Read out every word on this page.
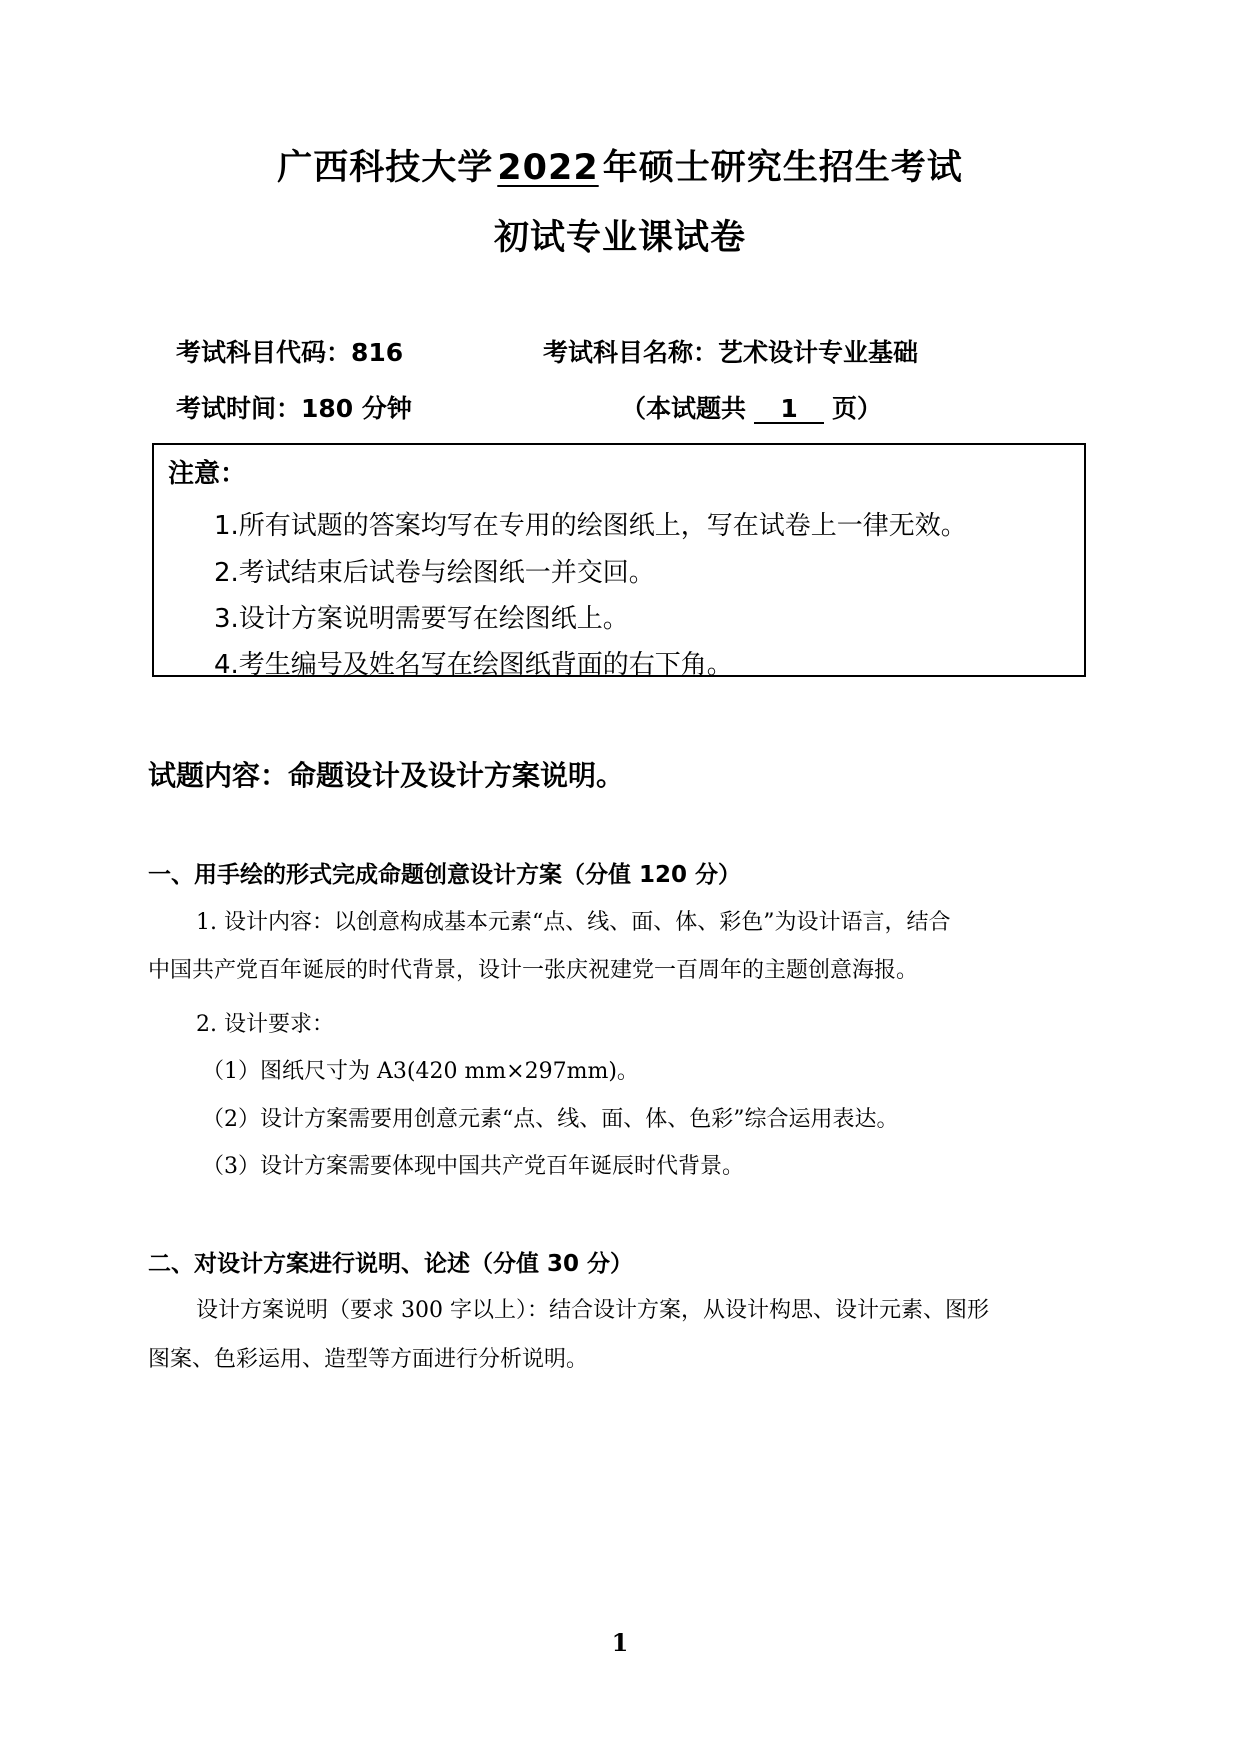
广西科技大学 2022 年硕士研究生招生考试
初试专业课试卷
考试科目代码：816	考试科目名称：艺术设计专业基础
考试时间：180 分钟	（本试题共 1 页）
注意：
1.所有试题的答案均写在专用的绘图纸上，写在试卷上一律无效。
2.考试结束后试卷与绘图纸一并交回。
3.设计方案说明需要写在绘图纸上。
4.考生编号及姓名写在绘图纸背面的右下角。
试题内容：命题设计及设计方案说明。
一、用手绘的形式完成命题创意设计方案（分值 120 分）
1. 设计内容：以创意构成基本元素“点、线、面、体、彩色”为设计语言，结合
中国共产党百年诞辰的时代背景，设计一张庆祝建党一百周年的主题创意海报。
2. 设计要求：
（1）图纸尺寸为 A3(420 mm×297mm)。
（2）设计方案需要用创意元素“点、线、面、体、色彩”综合运用表达。
（3）设计方案需要体现中国共产党百年诞辰时代背景。
二、对设计方案进行说明、论述（分值 30 分）
设计方案说明（要求 300 字以上）：结合设计方案，从设计构思、设计元素、图形
图案、色彩运用、造型等方面进行分析说明。
1
